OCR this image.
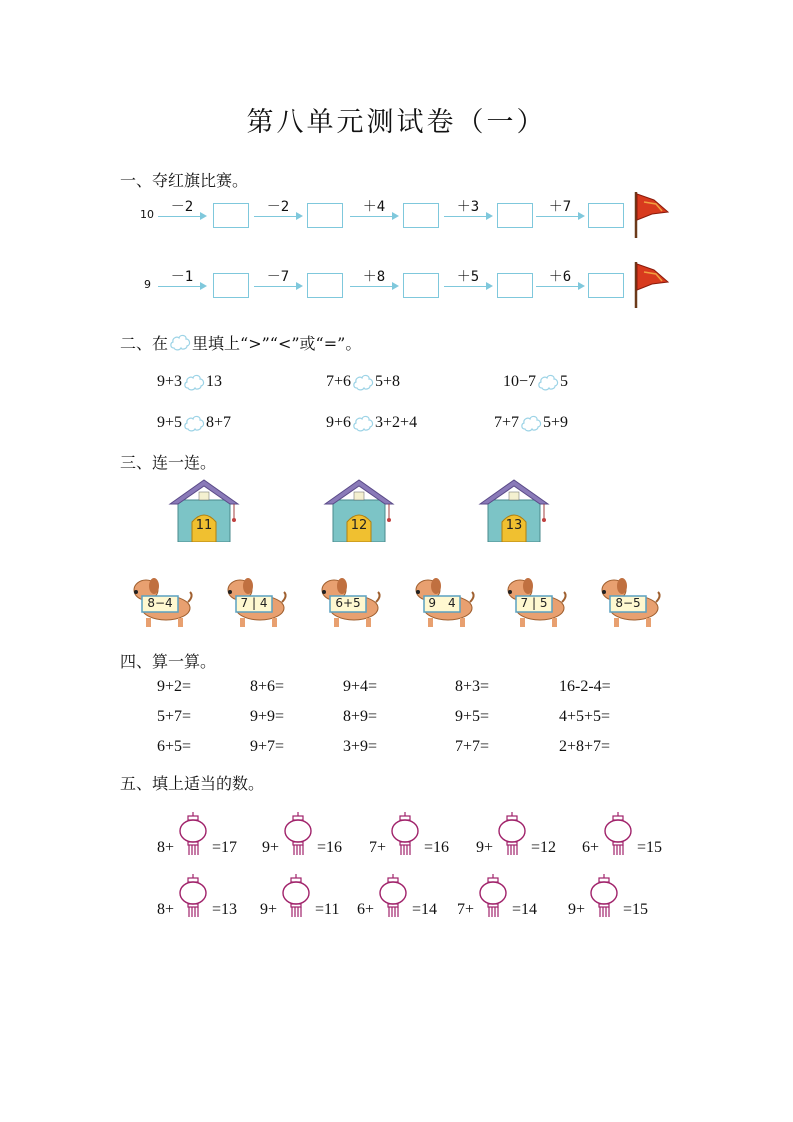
第八单元测试卷（一）
一、夺红旗比赛。
10
9
－2	－2	＋4	＋3	＋7
－1	－7	＋8	＋5	＋6
二、在 里填上“>”“<”或“=”。
9+3 13	7+6 5+8	10−7 5
9+5 8+7	9+6 3+2+4	7+7 5+9
三、连一连。
11	12	13
8−4	7 | 4	6+5	9　4	7 | 5	8−5
四、算一算。
9+2=	8+6=	9+4=	8+3=	16-2-4=
5+7=	9+9=	8+9=	9+5=	4+5+5=
6+5=	9+7=	3+9=	7+7=	2+8+7=
五、填上适当的数。
8+ =17 9+ =16 7+ =16 9+ =12 6+ =15
8+ =13 9+ =11 6+ =14 7+ =14 9+ =15
